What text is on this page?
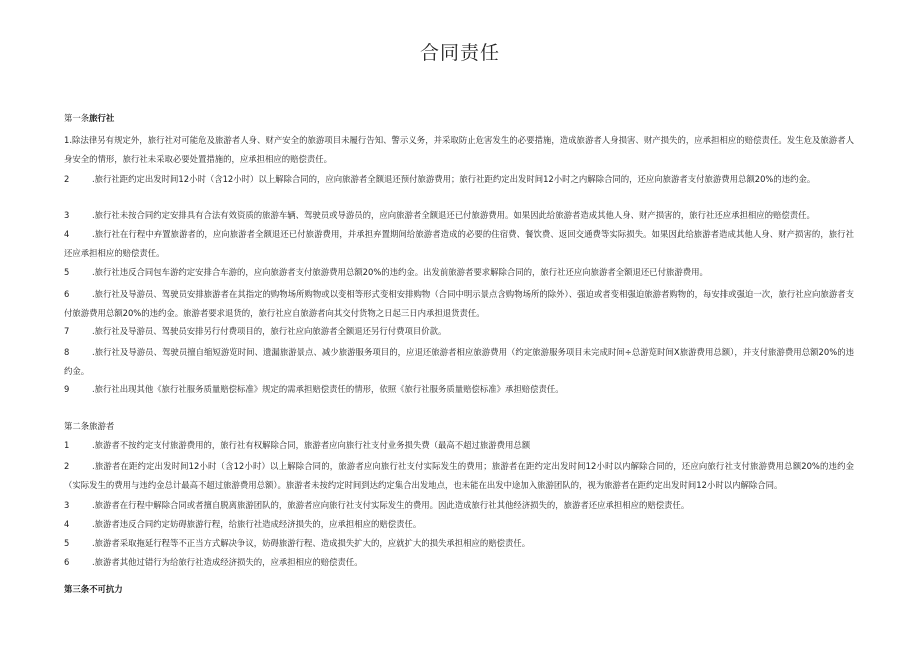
合同责任
第一条旅行社
1.除法律另有规定外，旅行社对可能危及旅游者人身、财产安全的旅游项目未履行告知、警示义务，并采取防止危害发生的必要措施，造成旅游者人身损害、财产损失的，应承担相应的赔偿责任。发生危及旅游者人身安全的情形，旅行社未采取必要处置措施的，应承担相应的赔偿责任。
2	.旅行社距约定出发时间12小时（含12小时）以上解除合同的，应向旅游者全额退还预付旅游费用；旅行社距约定出发时间12小时之内解除合同的，还应向旅游者支付旅游费用总额20%的违约金。
3	.旅行社未按合同约定安排具有合法有效资质的旅游车辆、驾驶员或导游员的，应向旅游者全额退还已付旅游费用。如果因此给旅游者造成其他人身、财产损害的，旅行社还应承担相应的赔偿责任。
4	.旅行社在行程中弃置旅游者的，应向旅游者全额退还已付旅游费用，并承担弃置期间给旅游者造成的必要的住宿费、餐饮费、返回交通费等实际损失。如果因此给旅游者造成其他人身、财产损害的，旅行社还应承担相应的赔偿责任。
5	.旅行社违反合同包车游约定安排合车游的，应向旅游者支付旅游费用总额20%的违约金。出发前旅游者要求解除合同的，旅行社还应向旅游者全额退还已付旅游费用。
6	.旅行社及导游员、驾驶员安排旅游者在其指定的购物场所购物或以变相等形式变相安排购物（合同中明示景点含购物场所的除外）、强迫或者变相强迫旅游者购物的，每安排或强迫一次，旅行社应向旅游者支付旅游费用总额20%的违约金。旅游者要求退货的，旅行社应自旅游者向其交付货物之日起三日内承担退货责任。
7	.旅行社及导游员、驾驶员安排另行付费项目的，旅行社应向旅游者全额退还另行付费项目价款。
8	.旅行社及导游员、驾驶员擅自缩短游览时间、遗漏旅游景点、减少旅游服务项目的，应退还旅游者相应旅游费用（约定旅游服务项目未完成时间÷总游览时间X旅游费用总额），并支付旅游费用总额20%的违约金。
9	.旅行社出现其他《旅行社服务质量赔偿标准》规定的需承担赔偿责任的情形，依照《旅行社服务质量赔偿标准》承担赔偿责任。
第二条旅游者
1	.旅游者不按约定支付旅游费用的，旅行社有权解除合同，旅游者应向旅行社支付业务损失费（最高不超过旅游费用总额
2	.旅游者在距约定出发时间12小时（含12小时）以上解除合同的，旅游者应向旅行社支付实际发生的费用；旅游者在距约定出发时间12小时以内解除合同的，还应向旅行社支付旅游费用总额20%的违约金（实际发生的费用与违约金总计最高不超过旅游费用总额）。旅游者未按约定时间到达约定集合出发地点，也未能在出发中途加入旅游团队的，视为旅游者在距约定出发时间12小时以内解除合同。
3	.旅游者在行程中解除合同或者擅自脱离旅游团队的，旅游者应向旅行社支付实际发生的费用。因此造成旅行社其他经济损失的，旅游者还应承担相应的赔偿责任。
4	.旅游者违反合同约定妨碍旅游行程，给旅行社造成经济损失的，应承担相应的赔偿责任。
5	.旅游者采取拖延行程等不正当方式解决争议，妨碍旅游行程、造成损失扩大的，应就扩大的损失承担相应的赔偿责任。
6	.旅游者其他过错行为给旅行社造成经济损失的，应承担相应的赔偿责任。
第三条不可抗力
